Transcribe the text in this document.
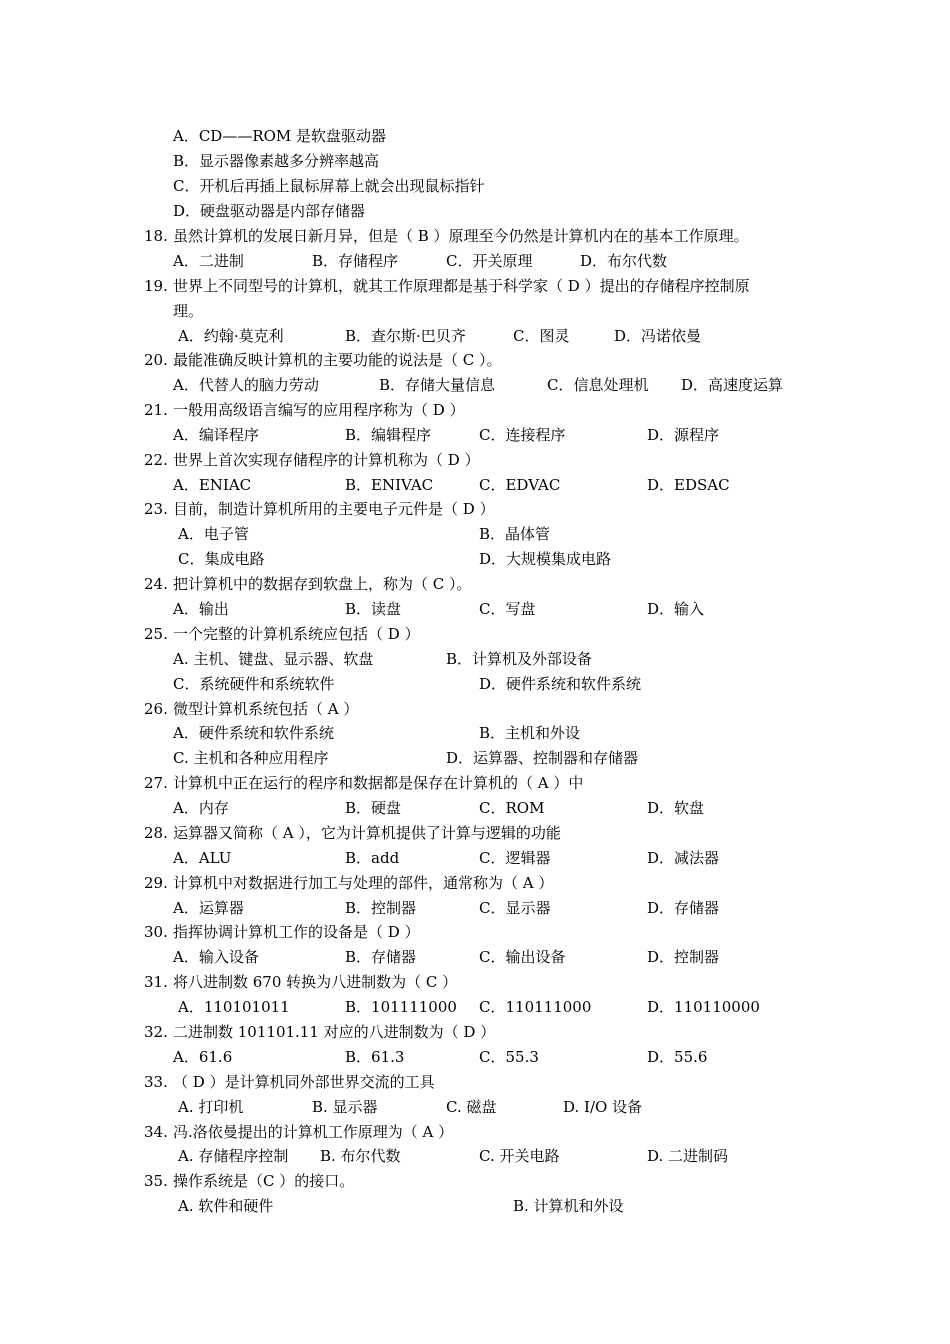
A．CD——ROM 是软盘驱动器
B．显示器像素越多分辨率越高
C．开机后再插上鼠标屏幕上就会出现鼠标指针
D．硬盘驱动器是内部存储器
18. 虽然计算机的发展日新月异，但是（ B ）原理至今仍然是计算机内在的基本工作原理。
A．二进制	B．存储程序	C．开关原理	D．布尔代数
19. 世界上不同型号的计算机，就其工作原理都是基于科学家（ D ）提出的存储程序控制原
理。
A．约翰·莫克利	B．查尔斯·巴贝齐	C．图灵	D．冯诺依曼
20. 最能准确反映计算机的主要功能的说法是（ C ）。
A．代替人的脑力劳动	B．存储大量信息	C．信息处理机 D．高速度运算
21. 一般用高级语言编写的应用程序称为（ D ）
A．编译程序	B．编辑程序	C．连接程序	D．源程序
22. 世界上首次实现存储程序的计算机称为（ D ）
A．ENIAC	B．ENIVAC	C．EDVAC	D．EDSAC
23. 目前，制造计算机所用的主要电子元件是（ D ）
A．电子管	B．晶体管
C．集成电路	D．大规模集成电路
24. 把计算机中的数据存到软盘上，称为（ C ）。
A．输出	B．读盘	C．写盘	D．输入
25. 一个完整的计算机系统应包括（ D ）
A. 主机、键盘、显示器、软盘	B．计算机及外部设备
C．系统硬件和系统软件	D．硬件系统和软件系统
26. 微型计算机系统包括（ A ）
A．硬件系统和软件系统	B．主机和外设
C. 主机和各种应用程序	D．运算器、控制器和存储器
27. 计算机中正在运行的程序和数据都是保存在计算机的（ A ）中
A．内存	B．硬盘	C．ROM	D．软盘
28. 运算器又简称（ A ），它为计算机提供了计算与逻辑的功能
A．ALU	B．add	C．逻辑器	D．减法器
29. 计算机中对数据进行加工与处理的部件，通常称为（ A ）
A．运算器	B．控制器	C．显示器	D．存储器
30. 指挥协调计算机工作的设备是（ D ）
A．输入设备	B．存储器	C．输出设备	D．控制器
31. 将八进制数 670 转换为八进制数为（ C ）
A．110101011	B．101111000 C．110111000	D．110110000
32. 二进制数 101101.11 对应的八进制数为（ D ）
A．61.6	B．61.3	C．55.3	D．55.6
33. （ D ）是计算机同外部世界交流的工具
A. 打印机	B. 显示器	C. 磁盘	D. I/O 设备
34. 冯.洛依曼提出的计算机工作原理为（ A ）
A. 存储程序控制 B. 布尔代数	C. 开关电路	D. 二进制码
35. 操作系统是（C ）的接口。
A. 软件和硬件	B. 计算机和外设
